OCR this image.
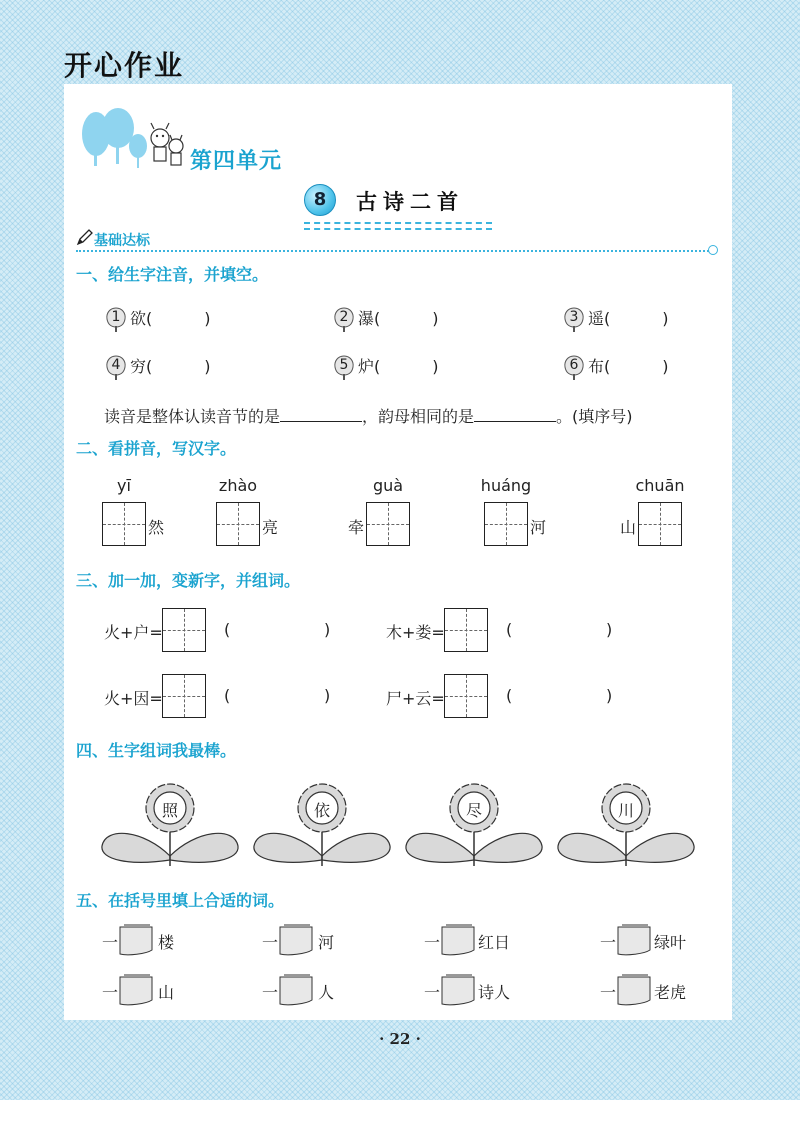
开心作业
第四单元
8	古诗二首
基础达标
一、给生字注音，并填空。
1 欲(	)	2 瀑(	)	3 遥(	)
4 穷(	)	5 炉(	)	6 布(	)
读音是整体认读音节的是	，韵母相同的是	。(填序号)
二、看拼音，写汉字。
yī
然
zhào
亮	牵
guà	huáng
河	山
chuān
三、加一加，变新字，并组词。
火+户=	(	)	木+娄=	(	)
火+因=	(	)	尸+云=	(	)
四、生字组词我最棒。
照	依	尽	川
五、在括号里填上合适的词。
一 楼	一 河	一 红日	一 绿叶
一 山	一 人	一 诗人	一 老虎
· 22 ·
